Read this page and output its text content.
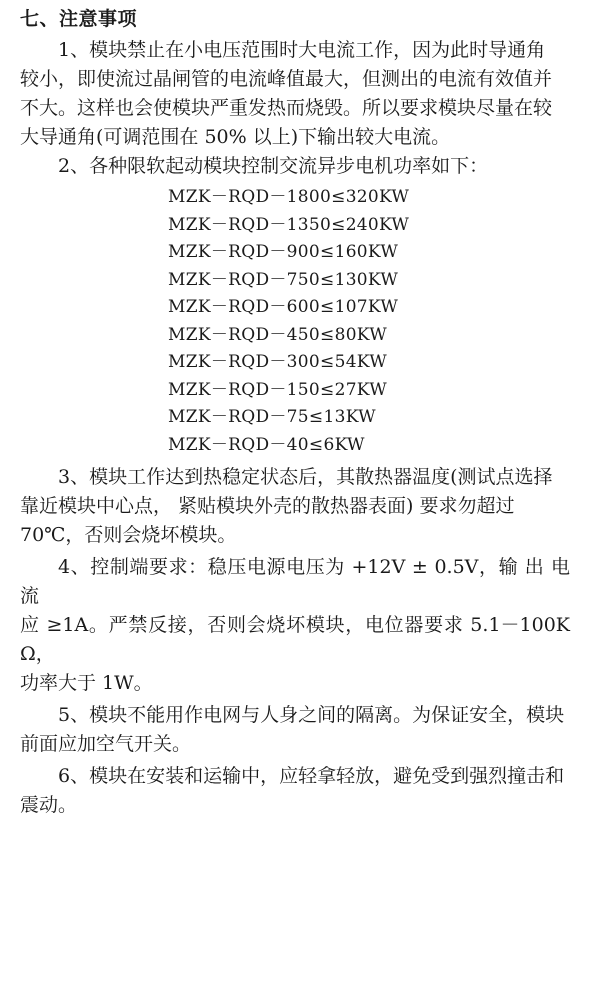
七、注意事项

1、模块禁止在小电压范围时大电流工作，因为此时导通角
较小，即使流过晶闸管的电流峰值最大，但测出的电流有效值并
不大。这样也会使模块严重发热而烧毁。所以要求模块尽量在较
大导通角(可调范围在 50% 以上)下输出较大电流。

2、各种限软起动模块控制交流异步电机功率如下：

MZK－RQD－1800≤320KW
MZK－RQD－1350≤240KW
MZK－RQD－900≤160KW
MZK－RQD－750≤130KW
MZK－RQD－600≤107KW
MZK－RQD－450≤80KW
MZK－RQD－300≤54KW
MZK－RQD－150≤27KW
MZK－RQD－75≤13KW
MZK－RQD－40≤6KW

3、模块工作达到热稳定状态后，其散热器温度(测试点选择
靠近模块中心点， 紧贴模块外壳的散热器表面) 要求勿超过
70℃，否则会烧坏模块。

4、控制端要求：稳压电源电压为 +12V ± 0.5V，输 出 电 流
应 ≥1A。严禁反接，否则会烧坏模块，电位器要求 5.1－100KΩ，
功率大于 1W。

5、模块不能用作电网与人身之间的隔离。为保证安全，模块
前面应加空气开关。

6、模块在安装和运输中，应轻拿轻放，避免受到强烈撞击和
震动。
